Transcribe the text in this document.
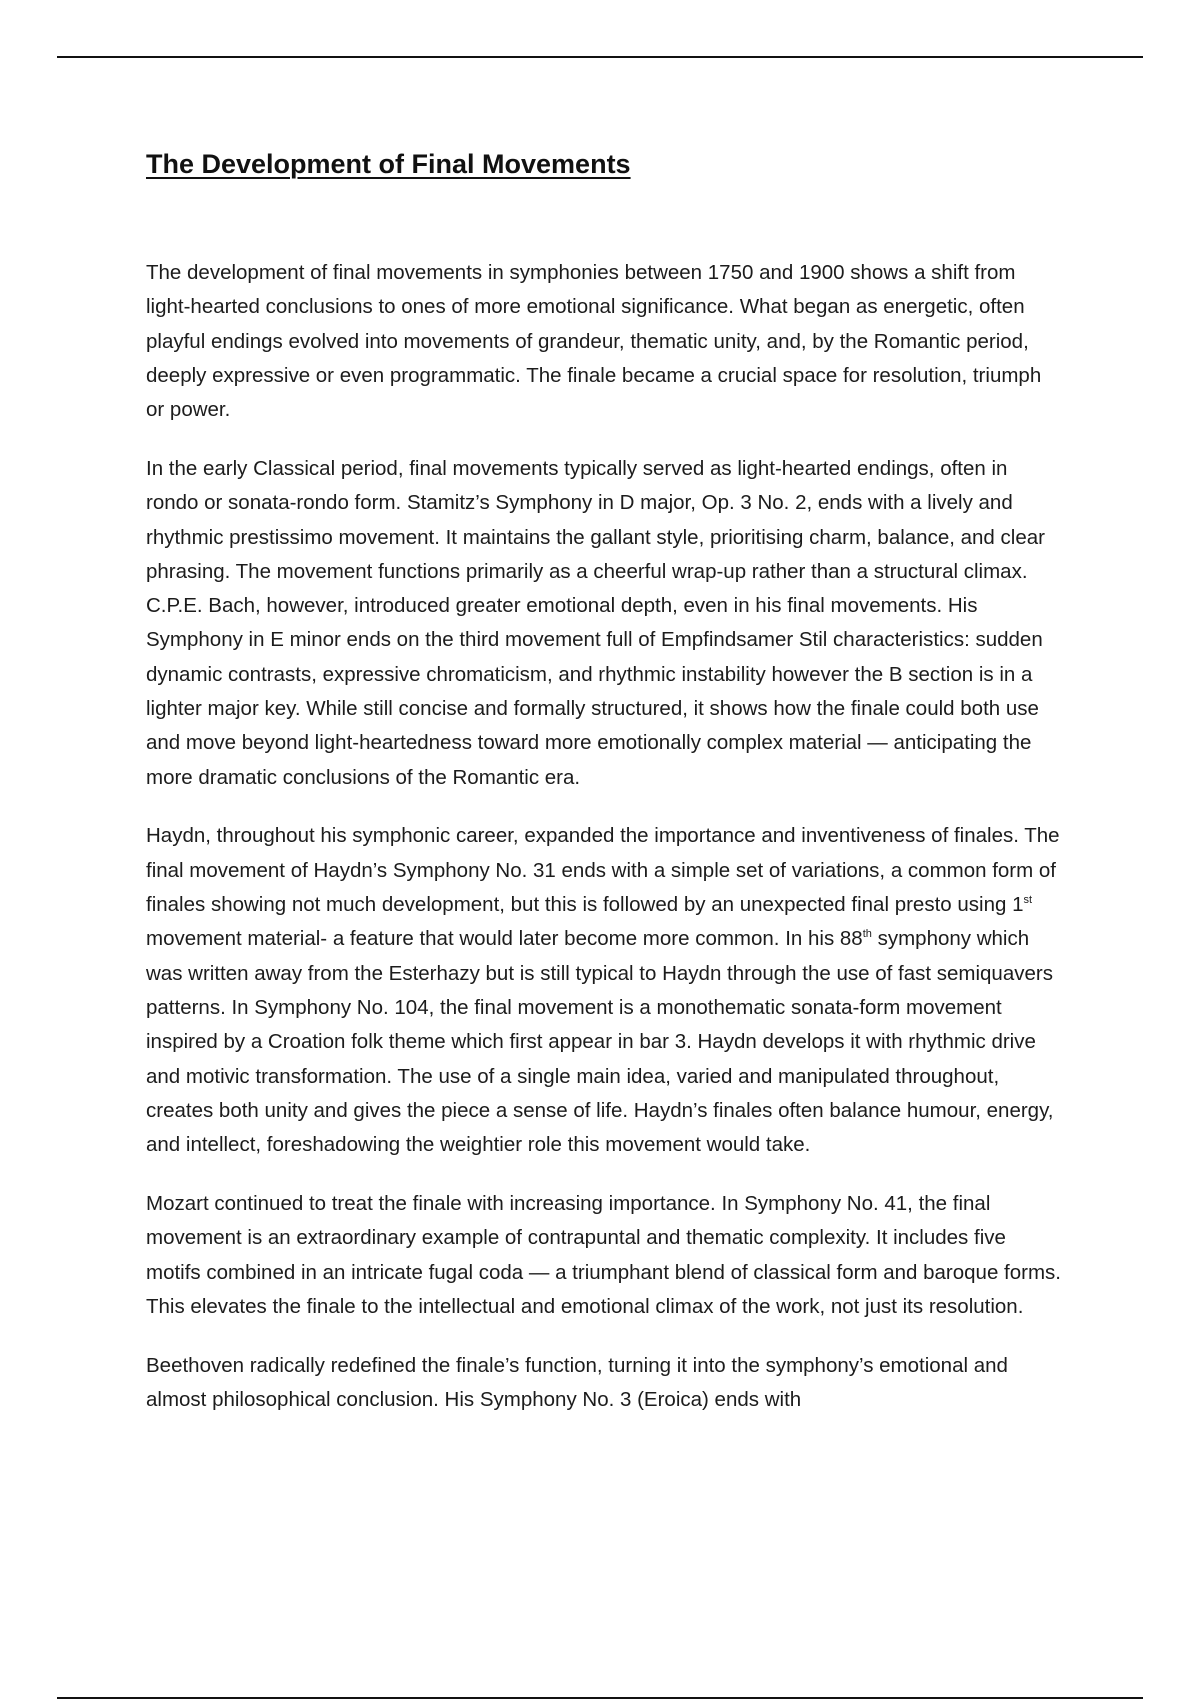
The Development of Final Movements

The development of final movements in symphonies between 1750 and 1900 shows a shift from light-hearted conclusions to ones of more emotional significance. What began as energetic, often playful endings evolved into movements of grandeur, thematic unity, and, by the Romantic period, deeply expressive or even programmatic. The finale became a crucial space for resolution, triumph or power.

In the early Classical period, final movements typically served as light-hearted endings, often in rondo or sonata-rondo form. Stamitz’s Symphony in D major, Op. 3 No. 2, ends with a lively and rhythmic prestissimo movement. It maintains the gallant style, prioritising charm, balance, and clear phrasing. The movement functions primarily as a cheerful wrap-up rather than a structural climax. C.P.E. Bach, however, introduced greater emotional depth, even in his final movements. His Symphony in E minor ends on the third movement full of Empfindsamer Stil characteristics: sudden dynamic contrasts, expressive chromaticism, and rhythmic instability however the B section is in a lighter major key. While still concise and formally structured, it shows how the finale could both use and move beyond light-heartedness toward more emotionally complex material — anticipating the more dramatic conclusions of the Romantic era.

Haydn, throughout his symphonic career, expanded the importance and inventiveness of finales. The final movement of Haydn’s Symphony No. 31 ends with a simple set of variations, a common form of finales showing not much development, but this is followed by an unexpected final presto using 1st movement material- a feature that would later become more common. In his 88th symphony which was written away from the Esterhazy but is still typical to Haydn through the use of fast semiquavers patterns. In Symphony No. 104, the final movement is a monothematic sonata-form movement inspired by a Croation folk theme which first appear in bar 3. Haydn develops it with rhythmic drive and motivic transformation. The use of a single main idea, varied and manipulated throughout, creates both unity and gives the piece a sense of life. Haydn’s finales often balance humour, energy, and intellect, foreshadowing the weightier role this movement would take.

Mozart continued to treat the finale with increasing importance. In Symphony No. 41, the final movement is an extraordinary example of contrapuntal and thematic complexity. It includes five motifs combined in an intricate fugal coda — a triumphant blend of classical form and baroque forms. This elevates the finale to the intellectual and emotional climax of the work, not just its resolution.

Beethoven radically redefined the finale’s function, turning it into the symphony’s emotional and almost philosophical conclusion. His Symphony No. 3 (Eroica) ends with
